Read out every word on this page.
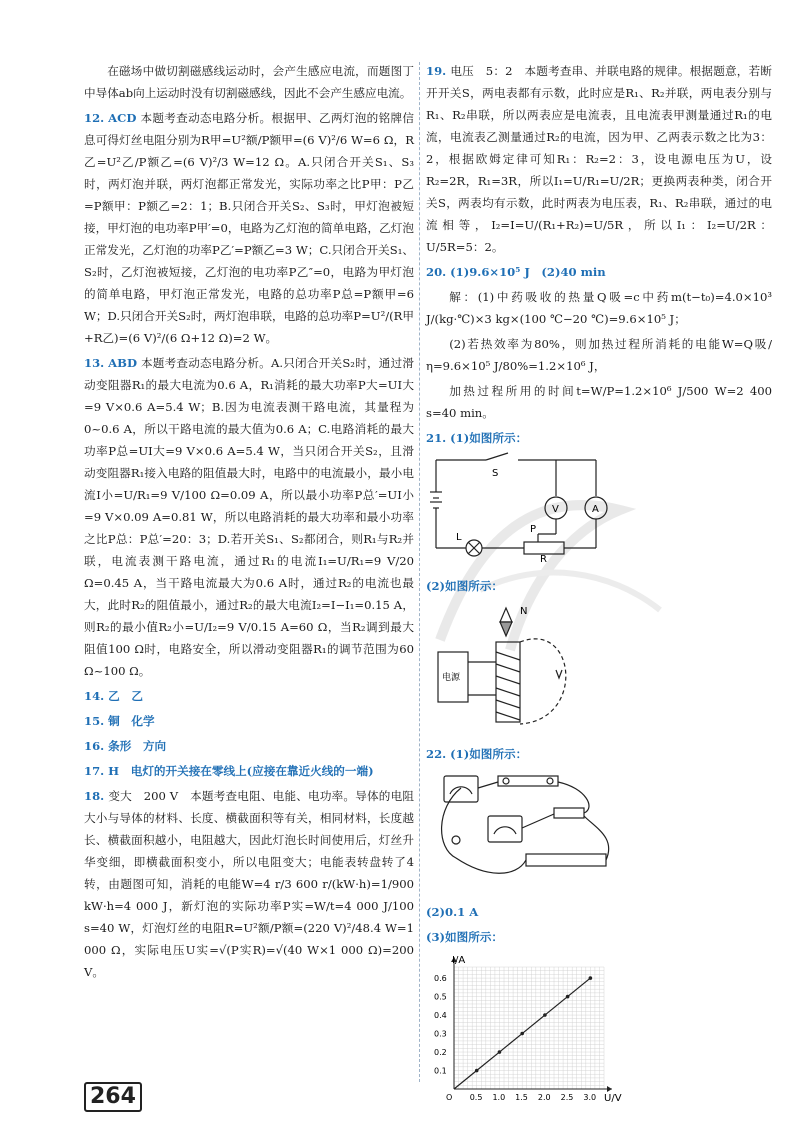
在磁场中做切割磁感线运动时，会产生感应电流，而题图丁中导体ab向上运动时没有切割磁感线，因此不会产生感应电流。

12. ACD 本题考查动态电路分析。根据甲、乙两灯泡的铭牌信息可得灯丝电阻分别为R甲=U²额/P额甲=(6 V)²/6 W=6 Ω，R乙=U²乙/P额乙=(6 V)²/3 W=12 Ω。A.只闭合开关S₁、S₃时，两灯泡并联，两灯泡都正常发光，实际功率之比P甲：P乙=P额甲：P额乙=2：1；B.只闭合开关S₂、S₃时，甲灯泡被短接，甲灯泡的电功率P甲′=0，电路为乙灯泡的简单电路，乙灯泡正常发光，乙灯泡的功率P乙′=P额乙=3 W；C.只闭合开关S₁、S₂时，乙灯泡被短接，乙灯泡的电功率P乙″=0，电路为甲灯泡的简单电路，甲灯泡正常发光，电路的总功率P总=P额甲=6 W；D.只闭合开关S₂时，两灯泡串联，电路的总功率P=U²/(R甲+R乙)=(6 V)²/(6 Ω+12 Ω)=2 W。

13. ABD 本题考查动态电路分析。A.只闭合开关S₂时，通过滑动变阻器R₁的最大电流为0.6 A，R₁消耗的最大功率P大=UI大=9 V×0.6 A=5.4 W；B.因为电流表测干路电流，其量程为0~0.6 A，所以干路电流的最大值为0.6 A；C.电路消耗的最大功率P总=UI大=9 V×0.6 A=5.4 W，当只闭合开关S₂，且滑动变阻器R₁接入电路的阻值最大时，电路中的电流最小，最小电流I小=U/R₁=9 V/100 Ω=0.09 A，所以最小功率P总′=UI小=9 V×0.09 A=0.81 W，所以电路消耗的最大功率和最小功率之比P总：P总′=20：3；D.若开关S₁、S₂都闭合，则R₁与R₂并联，电流表测干路电流，通过R₁的电流I₁=U/R₁=9 V/20 Ω=0.45 A，当干路电流最大为0.6 A时，通过R₂的电流也最大，此时R₂的阻值最小，通过R₂的最大电流I₂=I−I₁=0.15 A，则R₂的最小值R₂小=U/I₂=9 V/0.15 A=60 Ω，当R₂调到最大阻值100 Ω时，电路安全，所以滑动变阻器R₁的调节范围为60 Ω~100 Ω。

14. 乙　乙

15. 铜　化学

16. 条形　方向

17. H　电灯的开关接在零线上(应接在靠近火线的一端)

18. 变大　200 V　本题考查电阻、电能、电功率。导体的电阻大小与导体的材料、长度、横截面积等有关，相同材料，长度越长、横截面积越小，电阻越大，因此灯泡长时间使用后，灯丝升华变细，即横截面积变小，所以电阻变大；电能表转盘转了4转，由题图可知，消耗的电能W=4 r/3 600 r/(kW·h)=1/900 kW·h=4 000 J，新灯泡的实际功率P实=W/t=4 000 J/100 s=40 W，灯泡灯丝的电阻R=U²额/P额=(220 V)²/48.4 W=1 000 Ω，实际电压U实=√(P实R)=√(40 W×1 000 Ω)=200 V。

19. 电压　5：2　本题考查串、并联电路的规律。根据题意，若断开开关S，两电表都有示数，此时应是R₁、R₂并联，两电表分别与R₁、R₂串联，所以两表应是电流表，且电流表甲测量通过R₁的电流，电流表乙测量通过R₂的电流，因为甲、乙两表示数之比为3：2，根据欧姆定律可知R₁：R₂=2：3，设电源电压为U，设R₂=2R，R₁=3R，所以I₁=U/R₁=U/2R；更换两表种类，闭合开关S，两表均有示数，此时两表为电压表，R₁、R₂串联，通过的电流相等，I₂=I=U/(R₁+R₂)=U/5R，所以I₁：I₂=U/2R：U/5R=5：2。

20. (1)9.6×10⁵ J　(2)40 min

解：(1)中药吸收的热量Q吸=c中药m(t−t₀)=4.0×10³ J/(kg·℃)×3 kg×(100 ℃−20 ℃)=9.6×10⁵ J；

(2)若热效率为80%，则加热过程所消耗的电能W=Q吸/η=9.6×10⁵ J/80%=1.2×10⁶ J，

加热过程所用的时间t=W/P=1.2×10⁶ J/500 W=2 400 s=40 min。

21. (1)如图所示：

S
V	A
L
P
R

(2)如图所示：

N
电源

22. (1)如图所示：

(2)0.1 A

(3)如图所示：

0.5 1.0 1.5 2.0 2.5 3.0
0.1
0.2
0.3
0.4
0.5
0.6
O
I/A
U/V
264
